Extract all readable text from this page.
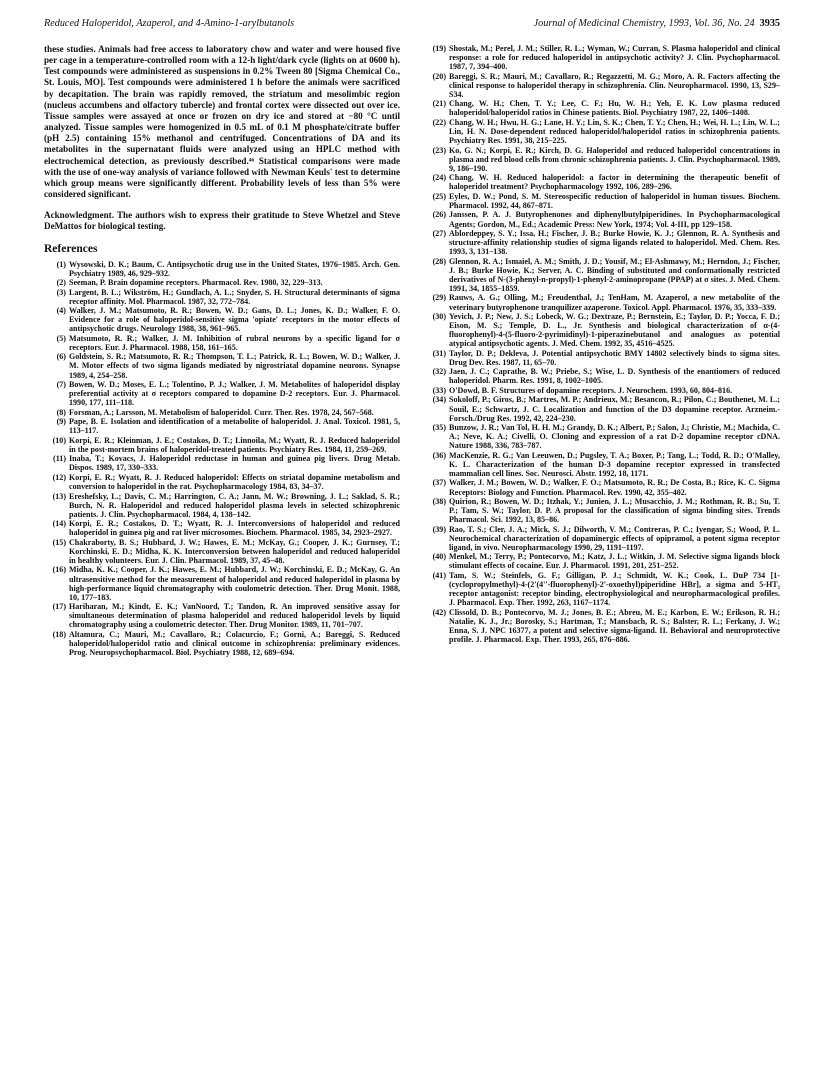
Reduced Haloperidol, Azaperol, and 4-Amino-1-arylbutanols	Journal of Medicinal Chemistry, 1993, Vol. 36, No. 24 3935

these studies. Animals had free access to laboratory chow and water and were housed five per cage in a temperature-controlled room with a 12-h light/dark cycle (lights on at 0600 h). Test compounds were administered as suspensions in 0.2% Tween 80 [Sigma Chemical Co., St. Louis, MO]. Test compounds were administered 1 h before the animals were sacrificed by decapitation. The brain was rapidly removed, the striatum and mesolimbic region (nucleus accumbens and olfactory tubercle) and frontal cortex were dissected out over ice. Tissue samples were assayed at once or frozen on dry ice and stored at −80 °C until analyzed. Tissue samples were homogenized in 0.5 mL of 0.1 M phosphate/citrate buffer (pH 2.5) containing 15% methanol and centrifuged. Concentrations of DA and its metabolites in the supernatant fluids were analyzed using an HPLC method with electrochemical detection, as previously described.⁴⁶ Statistical comparisons were made with the use of one-way analysis of variance followed with Newman Keuls' test to determine which group means were significantly different. Probability levels of less than 5% were considered significant.

Acknowledgment. The authors wish to express their gratitude to Steve Whetzel and Steve DeMattos for biological testing.

References
(1) Wysowski, D. K.; Baum, C. Antipsychotic drug use in the United States, 1976–1985. Arch. Gen. Psychiatry 1989, 46, 929–932.
(2) Seeman, P. Brain dopamine receptors. Pharmacol. Rev. 1980, 32, 229–313.
(3) Largent, B. L.; Wikström, H.; Gundlach, A. L.; Snyder, S. H. Structural determinants of sigma receptor affinity. Mol. Pharmacol. 1987, 32, 772–784.
(4) Walker, J. M.; Matsumoto, R. R.; Bowen, W. D.; Gans, D. L.; Jones, K. D.; Walker, F. O. Evidence for a role of haloperidol-sensitive sigma 'opiate' receptors in the motor effects of antipsychotic drugs. Neurology 1988, 38, 961–965.
(5) Matsumoto, R. R.; Walker, J. M. Inhibition of rubral neurons by a specific ligand for σ receptors. Eur. J. Pharmacol. 1988, 158, 161–165.
(6) Goldstein, S. R.; Matsumoto, R. R.; Thompson, T. L.; Patrick, R. L.; Bowen, W. D.; Walker, J. M. Motor effects of two sigma ligands mediated by nigrostriatal dopamine neurons. Synapse 1989, 4, 254–258.
(7) Bowen, W. D.; Moses, E. L.; Tolentino, P. J.; Walker, J. M. Metabolites of haloperidol display preferential activity at σ receptors compared to dopamine D-2 receptors. Eur. J. Pharmacol. 1990, 177, 111–118.
(8) Forsman, A.; Larsson, M. Metabolism of haloperidol. Curr. Ther. Res. 1978, 24, 567–568.
(9) Pape, B. E. Isolation and identification of a metabolite of haloperidol. J. Anal. Toxicol. 1981, 5, 113–117.
(10) Korpi, E. R.; Kleinman, J. E.; Costakos, D. T.; Linnoila, M.; Wyatt, R. J. Reduced haloperidol in the post-mortem brains of haloperidol-treated patients. Psychiatry Res. 1984, 11, 259–269.
(11) Inaba, T.; Kovacs, J. Haloperidol reductase in human and guinea pig livers. Drug Metab. Dispos. 1989, 17, 330–333.
(12) Korpi, E. R.; Wyatt, R. J. Reduced haloperidol: Effects on striatal dopamine metabolism and conversion to haloperidol in the rat. Psychopharmacology 1984, 83, 34–37.
(13) Ereshefsky, L.; Davis, C. M.; Harrington, C. A.; Jann, M. W.; Browning, J. L.; Saklad, S. R.; Burch, N. R. Haloperidol and reduced haloperidol plasma levels in selected schizophrenic patients. J. Clin. Psychopharmacol. 1984, 4, 138–142.
(14) Korpi, E. R.; Costakos, D. T.; Wyatt, R. J. Interconversions of haloperidol and reduced haloperidol in guinea pig and rat liver microsomes. Biochem. Pharmacol. 1985, 34, 2923–2927.
(15) Chakraborty, B. S.; Hubbard, J. W.; Hawes, E. M.; McKay, G.; Cooper, J. K.; Gurnsey, T.; Korchinski, E. D.; Midha, K. K. Interconversion between haloperidol and reduced haloperidol in healthy volunteers. Eur. J. Clin. Pharmacol. 1989, 37, 45–48.
(16) Midha, K. K.; Cooper, J. K.; Hawes, E. M.; Hubbard, J. W.; Korchinski, E. D.; McKay, G. An ultrasensitive method for the measurement of haloperidol and reduced haloperidol in plasma by high-performance liquid chromatography with coulometric detection. Ther. Drug Monit. 1988, 10, 177–183.
(17) Hariharan, M.; Kindt, E. K.; VanNoord, T.; Tandon, R. An improved sensitive assay for simultaneous determination of plasma haloperidol and reduced haloperidol levels by liquid chromatography using a coulometric detector. Ther. Drug Monitor. 1989, 11, 701–707.
(18) Altamura, C.; Mauri, M.; Cavallaro, R.; Colacurcio, F.; Gorni, A.; Bareggi, S. Reduced haloperidol/haloperidol ratio and clinical outcome in schizophrenia: preliminary evidences. Prog. Neuropsychopharmacol. Biol. Psychiatry 1988, 12, 689–694.
(19) Shostak, M.; Perel, J. M.; Stiller, R. L.; Wyman, W.; Curran, S. Plasma haloperidol and clinical response: a role for reduced haloperidol in antipsychotic activity? J. Clin. Psychopharmacol. 1987, 7, 394–400.
(20) Bareggi, S. R.; Mauri, M.; Cavallaro, R.; Regazzetti, M. G.; Moro, A. R. Factors affecting the clinical response to haloperidol therapy in schizophrenia. Clin. Neuropharmacol. 1990, 13, S29–S34.
(21) Chang, W. H.; Chen, T. Y.; Lee, C. F.; Hu, W. H.; Yeh, E. K. Low plasma reduced haloperidol/haloperidol ratios in Chinese patients. Biol. Psychiatry 1987, 22, 1406–1408.
(22) Chang, W. H.; Hwu, H. G.; Lane, H. Y.; Lin, S. K.; Chen, T. Y.; Chen, H.; Wei, H. L.; Lin, W. L.; Lin, H. N. Dose-dependent reduced haloperidol/haloperidol ratios in schizophrenia patients. Psychiatry Res. 1991, 38, 215–225.
(23) Ko, G. N.; Korpi, E. R.; Kirch, D. G. Haloperidol and reduced haloperidol concentrations in plasma and red blood cells from chronic schizophrenia patients. J. Clin. Psychopharmacol. 1989, 9, 186–190.
(24) Chang, W. H. Reduced haloperidol: a factor in determining the therapeutic benefit of haloperidol treatment? Psychopharmacology 1992, 106, 289–296.
(25) Eyles, D. W.; Pond, S. M. Stereospecific reduction of haloperidol in human tissues. Biochem. Pharmacol. 1992, 44, 867–871.
(26) Janssen, P. A. J. Butyrophenones and diphenylbutylpiperidines. In Psychopharmacological Agents; Gordon, M., Ed.; Academic Press: New York, 1974; Vol. 4-III, pp 129–158.
(27) Ablordeppey, S. Y.; Issa, H.; Fischer, J. B.; Burke Howie, K. J.; Glennon, R. A. Synthesis and structure-affinity relationship studies of sigma ligands related to haloperidol. Med. Chem. Res. 1993, 3, 131–138.
(28) Glennon, R. A.; Ismaiel, A. M.; Smith, J. D.; Yousif, M.; El-Ashmawy, M.; Herndon, J.; Fischer, J. B.; Burke Howie, K.; Server, A. C. Binding of substituted and conformationally restricted derivatives of N-(3-phenyl-n-propyl)-1-phenyl-2-aminopropane (PPAP) at σ sites. J. Med. Chem. 1991, 34, 1855–1859.
(29) Rauws, A. G.; Olling, M.; Freudenthal, J.; TenHam, M. Azaperol, a new metabolite of the veterinary butyrophenone tranquilizer azaperone. Toxicol. Appl. Pharmacol. 1976, 35, 333–339.
(30) Yevich, J. P.; New, J. S.; Lobeck, W. G.; Dextraze, P.; Bernstein, E.; Taylor, D. P.; Yocca, F. D.; Eison, M. S.; Temple, D. L., Jr. Synthesis and biological characterization of α-(4-fluorophenyl)-4-(5-fluoro-2-pyrimidinyl)-1-piperazinebutanol and analogues as potential atypical antipsychotic agents. J. Med. Chem. 1992, 35, 4516–4525.
(31) Taylor, D. P.; Dekleva, J. Potential antipsychotic BMY 14802 selectively binds to sigma sites. Drug Dev. Res. 1987, 11, 65–70.
(32) Jaen, J. C.; Caprathe, B. W.; Priebe, S.; Wise, L. D. Synthesis of the enantiomers of reduced haloperidol. Pharm. Res. 1991, 8, 1002–1005.
(33) O'Dowd, B. F. Structures of dopamine receptors. J. Neurochem. 1993, 60, 804–816.
(34) Sokoloff, P.; Giros, B.; Martres, M. P.; Andrieux, M.; Besancon, R.; Pilon, C.; Bouthenet, M. L.; Souil, E.; Schwartz, J. C. Localization and function of the D3 dopamine receptor. Arzneim.-Forsch./Drug Res. 1992, 42, 224–230.
(35) Bunzow, J. R.; Van Tol, H. H. M.; Grandy, D. K.; Albert, P.; Salon, J.; Christie, M.; Machida, C. A.; Neve, K. A.; Civelli, O. Cloning and expression of a rat D-2 dopamine receptor cDNA. Nature 1988, 336, 783–787.
(36) MacKenzie, R. G.; Van Leeuwen, D.; Pugsley, T. A.; Boxer, P.; Tang, L.; Todd, R. D.; O'Malley, K. L. Characterization of the human D-3 dopamine receptor expressed in transfected mammalian cell lines. Soc. Neurosci. Abstr. 1992, 18, 1171.
(37) Walker, J. M.; Bowen, W. D.; Walker, F. O.; Matsumoto, R. R.; De Costa, B.; Rice, K. C. Sigma Receptors: Biology and Function. Pharmacol. Rev. 1990, 42, 355–402.
(38) Quirion, R.; Bowen, W. D.; Itzhak, Y.; Junien, J. L.; Musacchio, J. M.; Rothman, R. B.; Su, T. P.; Tam, S. W.; Taylor, D. P. A proposal for the classification of sigma binding sites. Trends Pharmacol. Sci. 1992, 13, 85–86.
(39) Rao, T. S.; Cler, J. A.; Mick, S. J.; Dilworth, V. M.; Contreras, P. C.; Iyengar, S.; Wood, P. L. Neurochemical characterization of dopaminergic effects of opipramol, a potent sigma receptor ligand, in vivo. Neuropharmacology 1990, 29, 1191–1197.
(40) Menkel, M.; Terry, P.; Pontecorvo, M.; Katz, J. L.; Witkin, J. M. Selective sigma ligands block stimulant effects of cocaine. Eur. J. Pharmacol. 1991, 201, 251–252.
(41) Tam, S. W.; Steinfels, G. F.; Gilligan, P. J.; Schmidt, W. K.; Cook, L. DuP 734 [1-(cyclopropylmethyl)-4-(2'(4''-fluorophenyl)-2'-oxoethyl)piperidine HBr], a sigma and 5-HT₂ receptor antagonist: receptor binding, electrophysiological and neuropharmacological profiles. J. Pharmacol. Exp. Ther. 1992, 263, 1167–1174.
(42) Clissold, D. B.; Pontecorvo, M. J.; Jones, B. E.; Abreu, M. E.; Karbon, E. W.; Erikson, R. H.; Natalie, K. J., Jr.; Borosky, S.; Hartman, T.; Mansbach, R. S.; Balster, R. L.; Ferkany, J. W.; Enna, S. J. NPC 16377, a potent and selective sigma-ligand. II. Behavioral and neuroprotective profile. J. Pharmacol. Exp. Ther. 1993, 265, 876–886.
